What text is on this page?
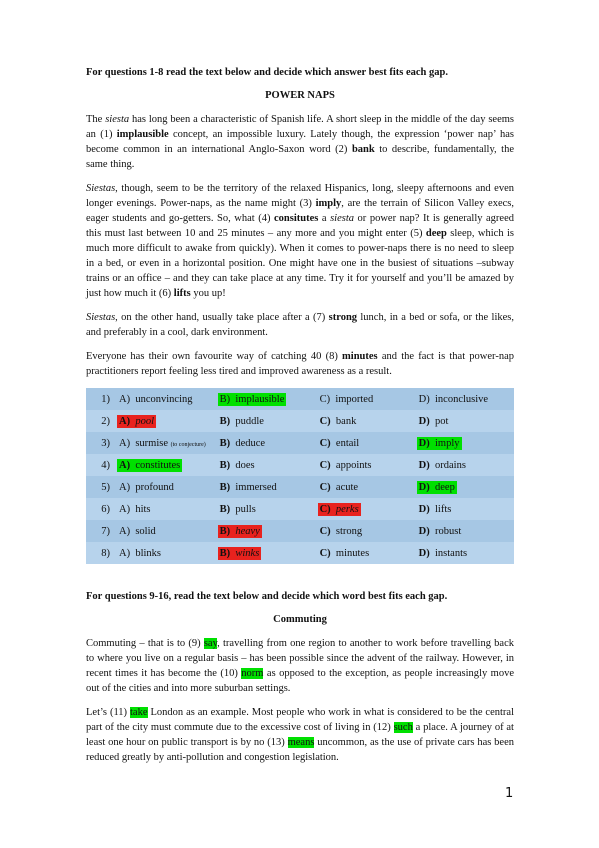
For questions 1-8 read the text below and decide which answer best fits each gap.

POWER NAPS

The siesta has long been a characteristic of Spanish life. A short sleep in the middle of the day seems an (1) implausible concept, an impossible luxury. Lately though, the expression ‘power nap’ has become common in an international Anglo-Saxon word (2) bank to describe, fundamentally, the same thing.

Siestas, though, seem to be the territory of the relaxed Hispanics, long, sleepy afternoons and even longer evenings. Power-naps, as the name might (3) imply, are the terrain of Silicon Valley execs, eager students and go-getters. So, what (4) consitutes a siesta or power nap? It is generally agreed this must last between 10 and 25 minutes – any more and you might enter (5) deep sleep, which is much more difficult to awake from quickly). When it comes to power-naps there is no need to sleep in a bed, or even in a horizontal position. One might have one in the busiest of situations –subway trains or an office – and they can take place at any time. Try it for yourself and you’ll be amazed by just how much it (6) lifts you up!

Siestas, on the other hand, usually take place after a (7) strong lunch, in a bed or sofa, or the likes, and preferably in a cool, dark environment.

Everyone has their own favourite way of catching 40 (8) minutes and the fact is that power-nap practitioners report feeling less tired and improved awareness as a result.

1)	A) unconvincing	B) implausible	C) imported	D) inconclusive
2)	A) pool	B) puddle	C) bank	D) pot
3)	A) surmise (to conjecture)	B) deduce	C) entail	D) imply
4)	A) constitutes	B) does	C) appoints	D) ordains
5)	A) profound	B) immersed	C) acute	D) deep
6)	A) hits	B) pulls	C) perks	D) lifts
7)	A) solid	B) heavy	C) strong	D) robust
8)	A) blinks	B) winks	C) minutes	D) instants

For questions 9-16, read the text below and decide which word best fits each gap.

Commuting

Commuting – that is to (9) say, travelling from one region to another to work before travelling back to where you live on a regular basis – has been possible since the advent of the railway. However, in recent times it has become the (10) norm as opposed to the exception, as people increasingly move out of the cities and into more suburban settings.

Let’s (11) take London as an example. Most people who work in what is considered to be the central part of the city must commute due to the excessive cost of living in (12) such a place. A journey of at least one hour on public transport is by no (13) means uncommon, as the use of private cars has been reduced greatly by anti-pollution and congestion legislation.

1
